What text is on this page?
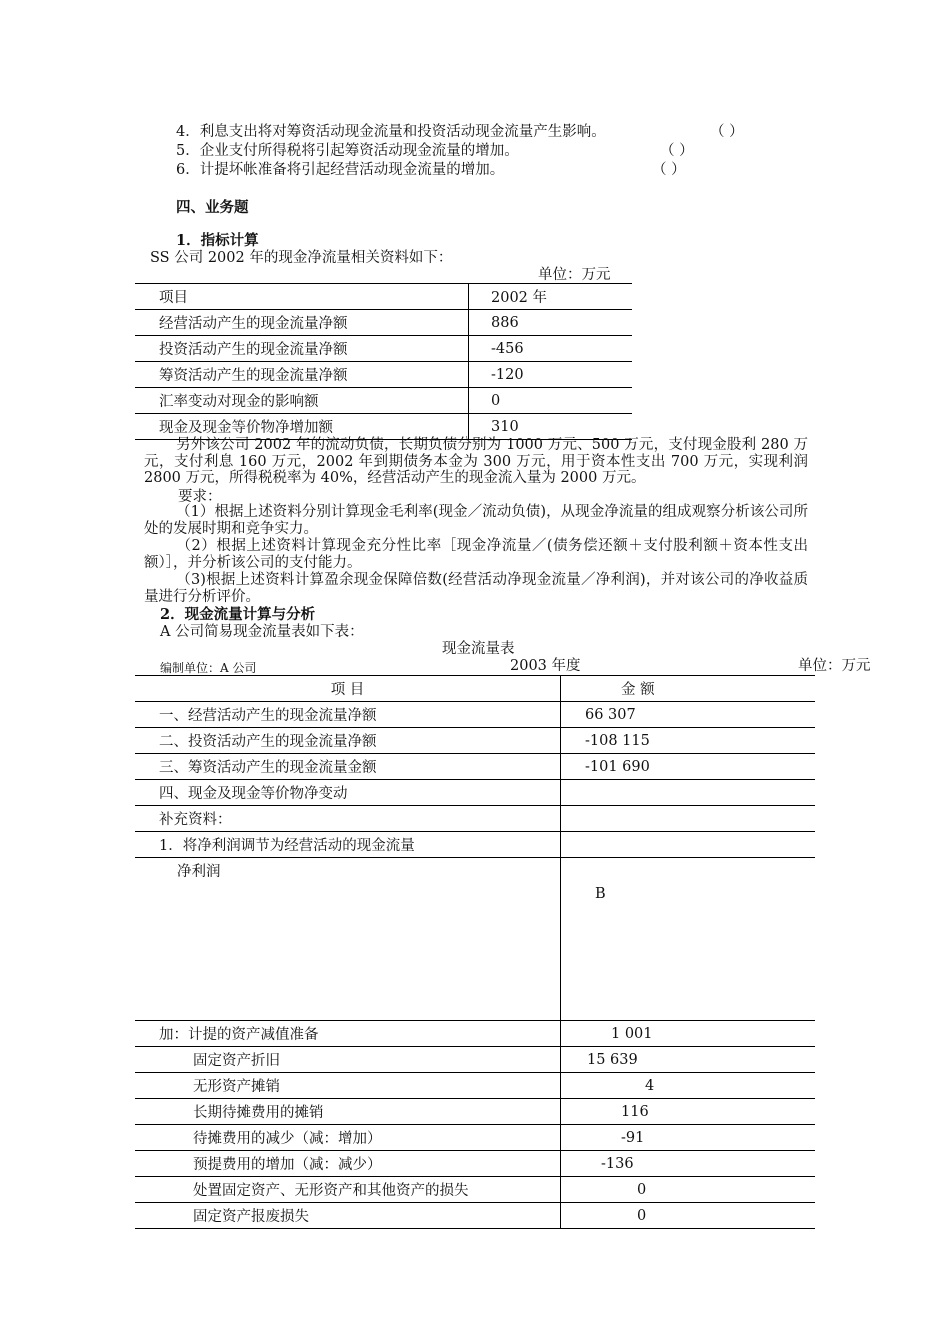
4．利息支出将对筹资活动现金流量和投资活动现金流量产生影响。	（ ）
5．企业支付所得税将引起筹资活动现金流量的增加。	（ ）
6．计提坏帐准备将引起经营活动现金流量的增加。	（ ）
四、业务题
1．指标计算
SS 公司 2002 年的现金净流量相关资料如下：
单位：万元
项目	2002 年
经营活动产生的现金流量净额	886
投资活动产生的现金流量净额	-456
筹资活动产生的现金流量净额	-120
汇率变动对现金的影响额	0
现金及现金等价物净增加额	310
另外该公司 2002 年的流动负债，长期负债分别为 1000 万元、500 万元，支付现金股利 280 万元，支付利息 160 万元，2002 年到期债务本金为 300 万元，用于资本性支出 700 万元，实现利润 2800 万元，所得税税率为 40%，经营活动产生的现金流入量为 2000 万元。
要求：
（1）根据上述资料分别计算现金毛利率(现金／流动负债)，从现金净流量的组成观察分析该公司所处的发展时期和竞争实力。
（2）根据上述资料计算现金充分性比率［现金净流量／(债务偿还额＋支付股利额＋资本性支出额）］，并分析该公司的支付能力。
（3)根据上述资料计算盈余现金保障倍数(经营活动净现金流量／净利润)，并对该公司的净收益质量进行分析评价。
2．现金流量计算与分析
A 公司简易现金流量表如下表：
现金流量表
编制单位：A 公司	2003 年度	单位：万元
项 目	金 额
一、经营活动产生的现金流量净额	66 307
二、投资活动产生的现金流量净额	-108 115
三、筹资活动产生的现金流量金额	-101 690
四、现金及现金等价物净变动	
补充资料：	
1．将净利润调节为经营活动的现金流量	
净利润	B
加：计提的资产减值准备	1 001
固定资产折旧	15 639
无形资产摊销	4
长期待摊费用的摊销	116
待摊费用的减少（减：增加）	-91
预提费用的增加（减：减少）	-136
处置固定资产、无形资产和其他资产的损失	0
固定资产报废损失	0
